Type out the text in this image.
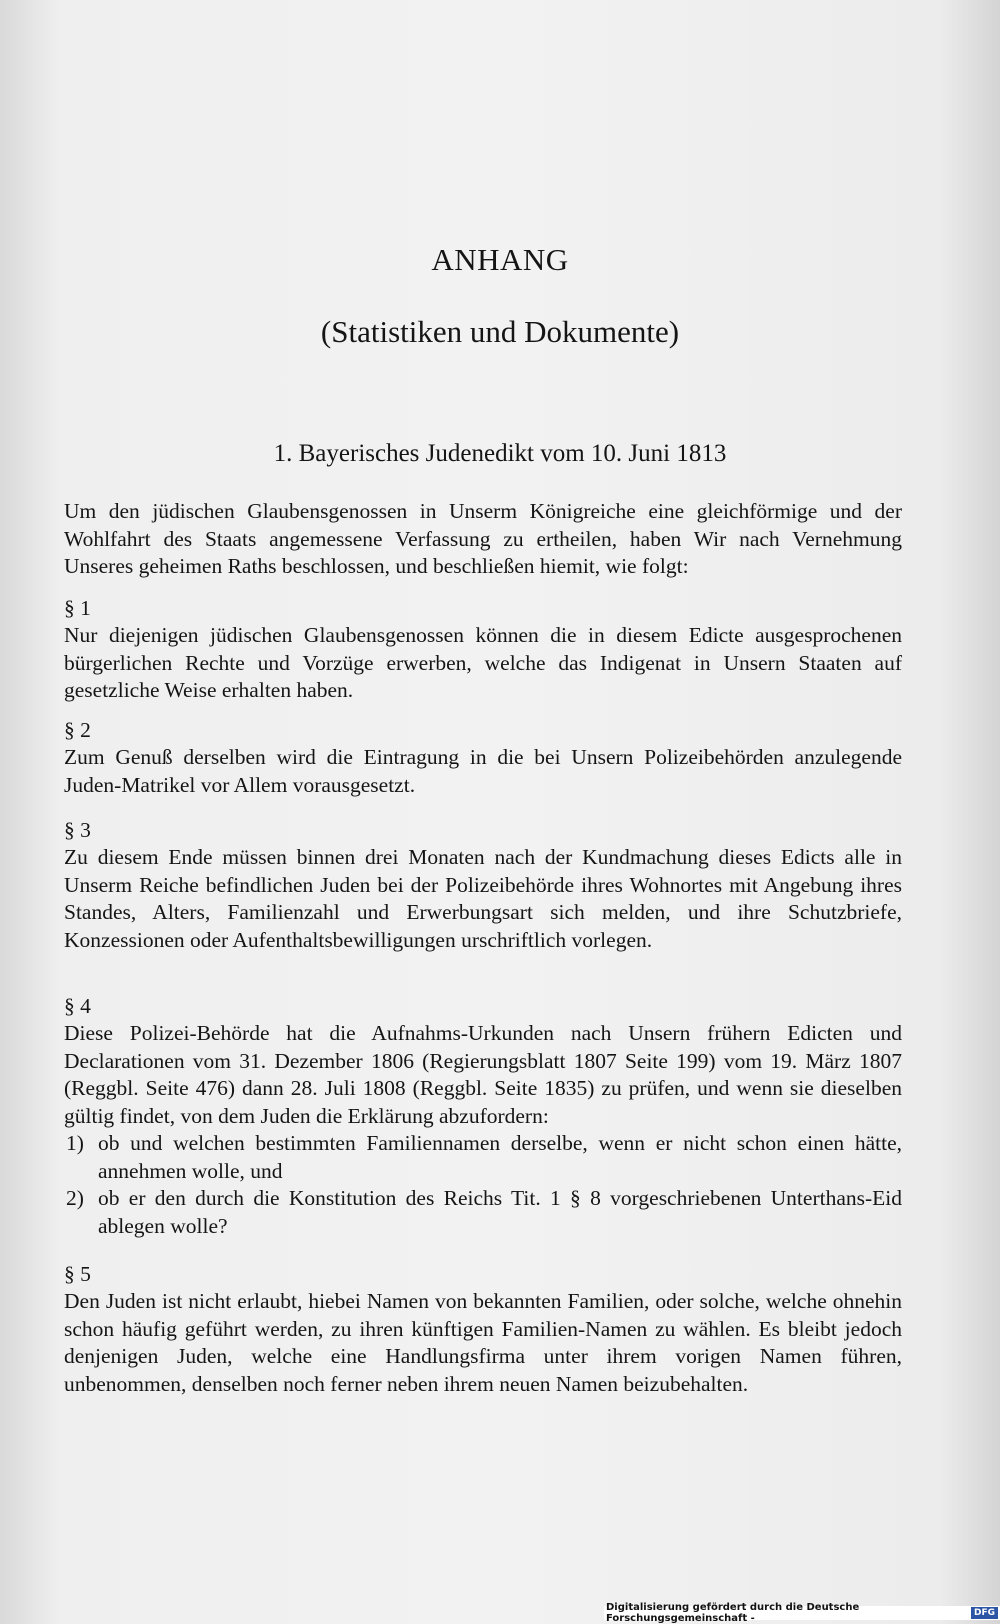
ANHANG
(Statistiken und Dokumente)
1. Bayerisches Judenedikt vom 10. Juni 1813

Um den jüdischen Glaubensgenossen in Unserm Königreiche eine gleichförmige und der Wohlfahrt des Staats angemessene Verfassung zu ertheilen, haben Wir nach Vernehmung Unseres geheimen Raths beschlossen, und beschließen hiemit, wie folgt:

§ 1

Nur diejenigen jüdischen Glaubensgenossen können die in diesem Edicte ausgesprochenen bürgerlichen Rechte und Vorzüge erwerben, welche das Indigenat in Unsern Staaten auf gesetzliche Weise erhalten haben.

§ 2

Zum Genuß derselben wird die Eintragung in die bei Unsern Polizeibehörden anzulegende Juden-Matrikel vor Allem vorausgesetzt.

§ 3

Zu diesem Ende müssen binnen drei Monaten nach der Kundmachung dieses Edicts alle in Unserm Reiche befindlichen Juden bei der Polizeibehörde ihres Wohnortes mit Angebung ihres Standes, Alters, Familienzahl und Erwerbungsart sich melden, und ihre Schutzbriefe, Konzessionen oder Aufenthaltsbewilligungen urschriftlich vorlegen.

§ 4

Diese Polizei-Behörde hat die Aufnahms-Urkunden nach Unsern frühern Edicten und Declarationen vom 31. Dezember 1806 (Regierungsblatt 1807 Seite 199) vom 19. März 1807 (Reggbl. Seite 476) dann 28. Juli 1808 (Reggbl. Seite 1835) zu prüfen, und wenn sie dieselben gültig findet, von dem Juden die Erklärung abzufordern:

1) ob und welchen bestimmten Familiennamen derselbe, wenn er nicht schon einen hätte, annehmen wolle, und
2) ob er den durch die Konstitution des Reichs Tit. 1 § 8 vorgeschriebenen Unterthans-Eid ablegen wolle?
§ 5

Den Juden ist nicht erlaubt, hiebei Namen von bekannten Familien, oder solche, welche ohnehin schon häufig geführt werden, zu ihren künftigen Familien-Namen zu wählen. Es bleibt jedoch denjenigen Juden, welche eine Handlungsfirma unter ihrem vorigen Namen führen, unbenommen, denselben noch ferner neben ihrem neuen Namen beizubehalten.

Digitalisierung gefördert durch die Deutsche Forschungsgemeinschaft -	DFG
